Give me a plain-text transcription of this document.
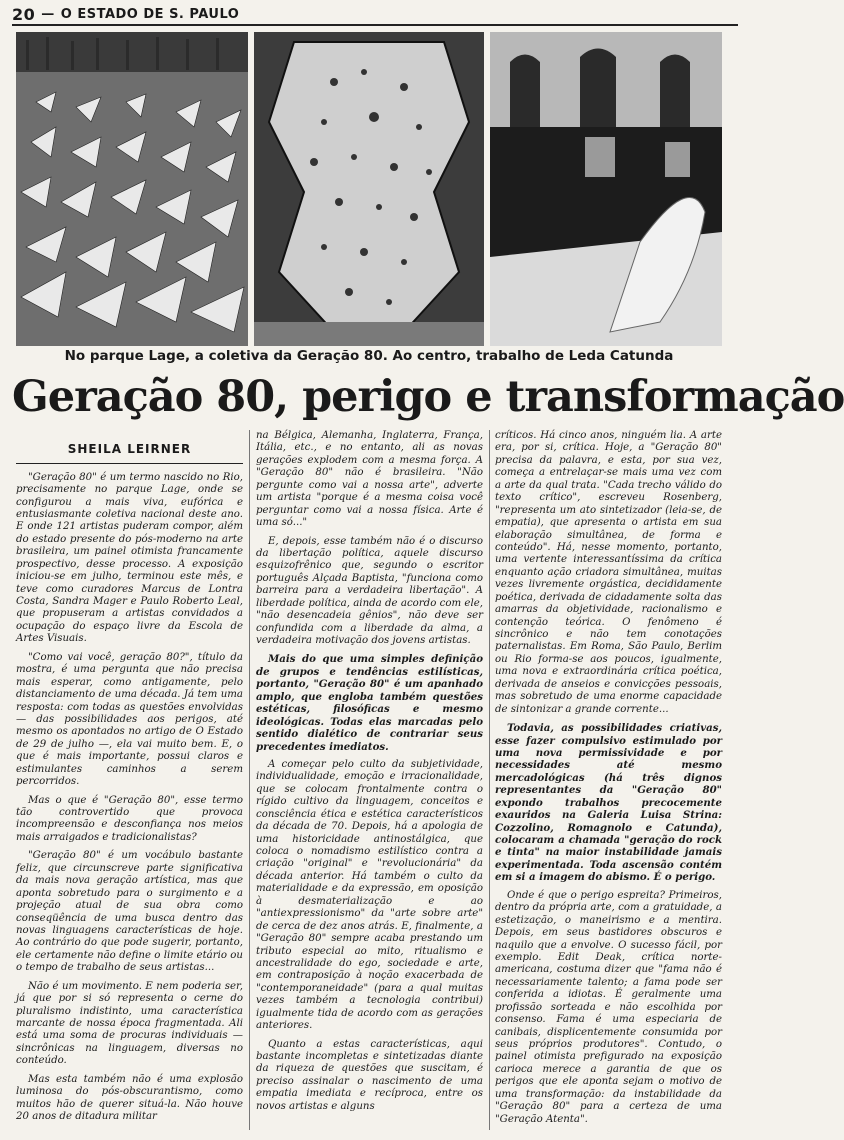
20 — O ESTADO DE S. PAULO
No parque Lage, a coletiva da Geração 80. Ao centro, trabalho de Leda Catunda
Geração 80, perigo e transformação
SHEILA LEIRNER

"Geração 80" é um termo nascido no Rio, precisamente no parque Lage, onde se configurou a mais viva, eufórica e entusiasmante coletiva nacional deste ano. E onde 121 artistas puderam compor, além do estado presente do pós-moderno na arte brasileira, um painel otimista francamente prospectivo, desse processo. A exposição iniciou-se em julho, terminou este mês, e teve como curadores Marcus de Lontra Costa, Sandra Mager e Paulo Roberto Leal, que propuseram a artistas convidados a ocupação do espaço livre da Escola de Artes Visuais.

"Como vai você, geração 80?", título da mostra, é uma pergunta que não precisa mais esperar, como antigamente, pelo distanciamento de uma década. Já tem uma resposta: com todas as questões envolvidas — das possibilidades aos perigos, até mesmo os apontados no artigo de O Estado de 29 de julho —, ela vai muito bem. E, o que é mais importante, possui claros e estimulantes caminhos a serem percorridos.

Mas o que é "Geração 80", esse termo tão controvertido que provoca incompreensão e desconfiança nos meios mais arraigados e tradicionalistas?

"Geração 80" é um vocábulo bastante feliz, que circunscreve parte significativa da mais nova geração artística, mas que aponta sobretudo para o surgimento e a projeção atual de sua obra como conseqüência de uma busca dentro das novas linguagens características de hoje. Ao contrário do que pode sugerir, portanto, ele certamente não define o limite etário ou o tempo de trabalho de seus artistas...

Não é um movimento. E nem poderia ser, já que por si só representa o cerne do pluralismo indistinto, uma característica marcante de nossa época fragmentada. Ali está uma soma de procuras individuais — sincrônicas na linguagem, diversas no conteúdo.

Mas esta também não é uma explosão luminosa do pós-obscurantismo, como muitos hão de querer situá-la. Não houve 20 anos de ditadura militar

na Bélgica, Alemanha, Inglaterra, França, Itália, etc., e no entanto, ali as novas gerações explodem com a mesma força. A "Geração 80" não é brasileira. "Não pergunte como vai a nossa arte", adverte um artista "porque é a mesma coisa você perguntar como vai a nossa física. Arte é uma só..."

E, depois, esse também não é o discurso da libertação política, aquele discurso esquizofrênico que, segundo o escritor português Alçada Baptista, "funciona como barreira para a verdadeira libertação". A liberdade política, ainda de acordo com ele, "não desencadeia gênios", não deve ser confundida com a liberdade da alma, a verdadeira motivação dos jovens artistas.

Mais do que uma simples definição de grupos e tendências estilísticas, portanto, "Geração 80" é um apanhado amplo, que engloba também questões estéticas, filosóficas e mesmo ideológicas. Todas elas marcadas pelo sentido dialético de contrariar seus precedentes imediatos.

A começar pelo culto da subjetividade, individualidade, emoção e irracionalidade, que se colocam frontalmente contra o rígido cultivo da linguagem, conceitos e consciência ética e estética característicos da década de 70. Depois, há a apologia de uma historicidade antinostálgica, que coloca o nomadismo estilístico contra a criação "original" e "revolucionária" da década anterior. Há também o culto da materialidade e da expressão, em oposição à desmaterialização e ao "antiexpressionismo" da "arte sobre arte" de cerca de dez anos atrás. E, finalmente, a "Geração 80" sempre acaba prestando um tributo especial ao mito, ritualismo e ancestralidade do ego, sociedade e arte, em contraposição à noção exacerbada de "contemporaneidade" (para a qual muitas vezes também a tecnologia contribui) igualmente tida de acordo com as gerações anteriores.

Quanto a estas características, aqui bastante incompletas e sintetizadas diante da riqueza de questões que suscitam, é preciso assinalar o nascimento de uma empatia imediata e recíproca, entre os novos artistas e alguns

críticos. Há cinco anos, ninguém lia. A arte era, por si, crítica. Hoje, a "Geração 80" precisa da palavra, e esta, por sua vez, começa a entrelaçar-se mais uma vez com a arte da qual trata. "Cada trecho válido do texto crítico", escreveu Rosenberg, "representa um ato sintetizador (leia-se, de empatia), que apresenta o artista em sua elaboração simultânea, de forma e conteúdo". Há, nesse momento, portanto, uma vertente interessantíssima da crítica enquanto ação criadora simultânea, muitas vezes livremente orgástica, decididamente poética, derivada de cidadamente solta das amarras da objetividade, racionalismo e contenção teórica. O fenômeno é sincrônico e não tem conotações paternalistas. Em Roma, São Paulo, Berlim ou Rio forma-se aos poucos, igualmente, uma nova e extraordinária crítica poética, derivada de anseios e convicções pessoais, mas sobretudo de uma enorme capacidade de sintonizar a grande corrente...

Todavia, as possibilidades criativas, esse fazer compulsivo estimulado por uma nova permissividade e por necessidades até mesmo mercadológicas (há três dignos representantes da "Geração 80" expondo trabalhos precocemente exauridos na Galeria Luisa Strina: Cozzolino, Romagnolo e Catunda), colocaram a chamada "geração do rock e tinta" na maior instabilidade jamais experimentada. Toda ascensão contém em si a imagem do abismo. É o perigo.

Onde é que o perigo espreita? Primeiros, dentro da própria arte, com a gratuidade, a estetização, o maneirismo e a mentira. Depois, em seus bastidores obscuros e naquilo que a envolve. O sucesso fácil, por exemplo. Edit Deak, crítica norte-americana, costuma dizer que "fama não é necessariamente talento; a fama pode ser conferida a idiotas. É geralmente uma profissão sorteada e não escolhida por consenso. Fama é uma especiaria de canibais, displicentemente consumida por seus próprios produtores". Contudo, o painel otimista prefigurado na exposição carioca merece a garantia de que os perigos que ele aponta sejam o motivo de uma transformação: da instabilidade da "Geração 80" para a certeza de uma "Geração Atenta".
